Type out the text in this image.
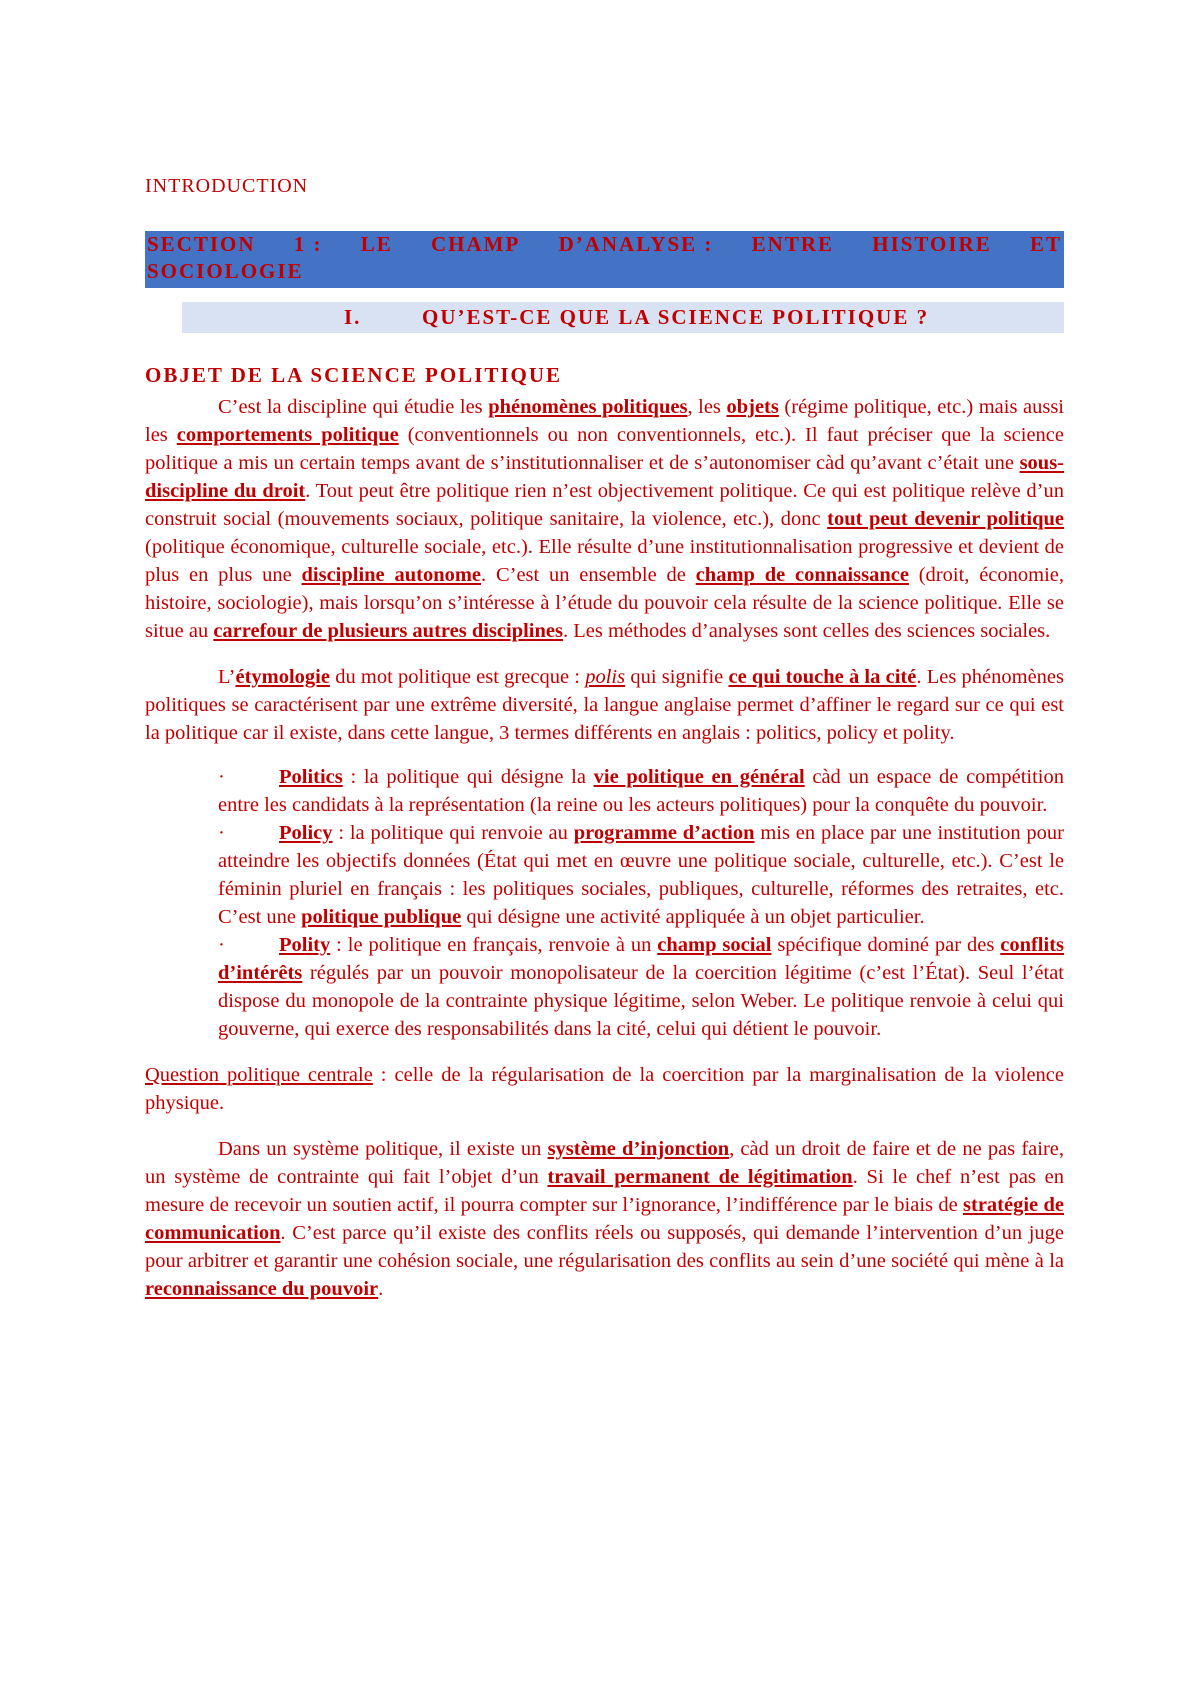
INTRODUCTION
SECTION 1 : LE CHAMP D’ANALYSE : ENTRE HISTOIRE ET
SOCIOLOGIE
I.	QU’EST-CE QUE LA SCIENCE POLITIQUE ?
OBJET DE LA SCIENCE POLITIQUE

C’est la discipline qui étudie les phénomènes politiques, les objets (régime politique, etc.) mais aussi les comportements politique (conventionnels ou non conventionnels, etc.). Il faut préciser que la science politique a mis un certain temps avant de s’institutionnaliser et de s’autonomiser càd qu’avant c’était une sous-discipline du droit. Tout peut être politique rien n’est objectivement politique. Ce qui est politique relève d’un construit social (mouvements sociaux, politique sanitaire, la violence, etc.), donc tout peut devenir politique (politique économique, culturelle sociale, etc.). Elle résulte d’une institutionnalisation progressive et devient de plus en plus une discipline autonome. C’est un ensemble de champ de connaissance (droit, économie, histoire, sociologie), mais lorsqu’on s’intéresse à l’étude du pouvoir cela résulte de la science politique. Elle se situe au carrefour de plusieurs autres disciplines. Les méthodes d’analyses sont celles des sciences sociales.

L’étymologie du mot politique est grecque : polis qui signifie ce qui touche à la cité. Les phénomènes politiques se caractérisent par une extrême diversité, la langue anglaise permet d’affiner le regard sur ce qui est la politique car il existe, dans cette langue, 3 termes différents en anglais : politics, policy et polity.

·	Politics : la politique qui désigne la vie politique en général càd un espace de compétition entre les candidats à la représentation (la reine ou les acteurs politiques) pour la conquête du pouvoir.

·	Policy : la politique qui renvoie au programme d’action mis en place par une institution pour atteindre les objectifs données (État qui met en œuvre une politique sociale, culturelle, etc.). C’est le féminin pluriel en français : les politiques sociales, publiques, culturelle, réformes des retraites, etc. C’est une politique publique qui désigne une activité appliquée à un objet particulier.

·	Polity : le politique en français, renvoie à un champ social spécifique dominé par des conflits d’intérêts régulés par un pouvoir monopolisateur de la coercition légitime (c’est l’État). Seul l’état dispose du monopole de la contrainte physique légitime, selon Weber. Le politique renvoie à celui qui gouverne, qui exerce des responsabilités dans la cité, celui qui détient le pouvoir.

Question politique centrale : celle de la régularisation de la coercition par la marginalisation de la violence physique.

Dans un système politique, il existe un système d’injonction, càd un droit de faire et de ne pas faire, un système de contrainte qui fait l’objet d’un travail permanent de légitimation. Si le chef n’est pas en mesure de recevoir un soutien actif, il pourra compter sur l’ignorance, l’indifférence par le biais de stratégie de communication. C’est parce qu’il existe des conflits réels ou supposés, qui demande l’intervention d’un juge pour arbitrer et garantir une cohésion sociale, une régularisation des conflits au sein d’une société qui mène à la reconnaissance du pouvoir.
